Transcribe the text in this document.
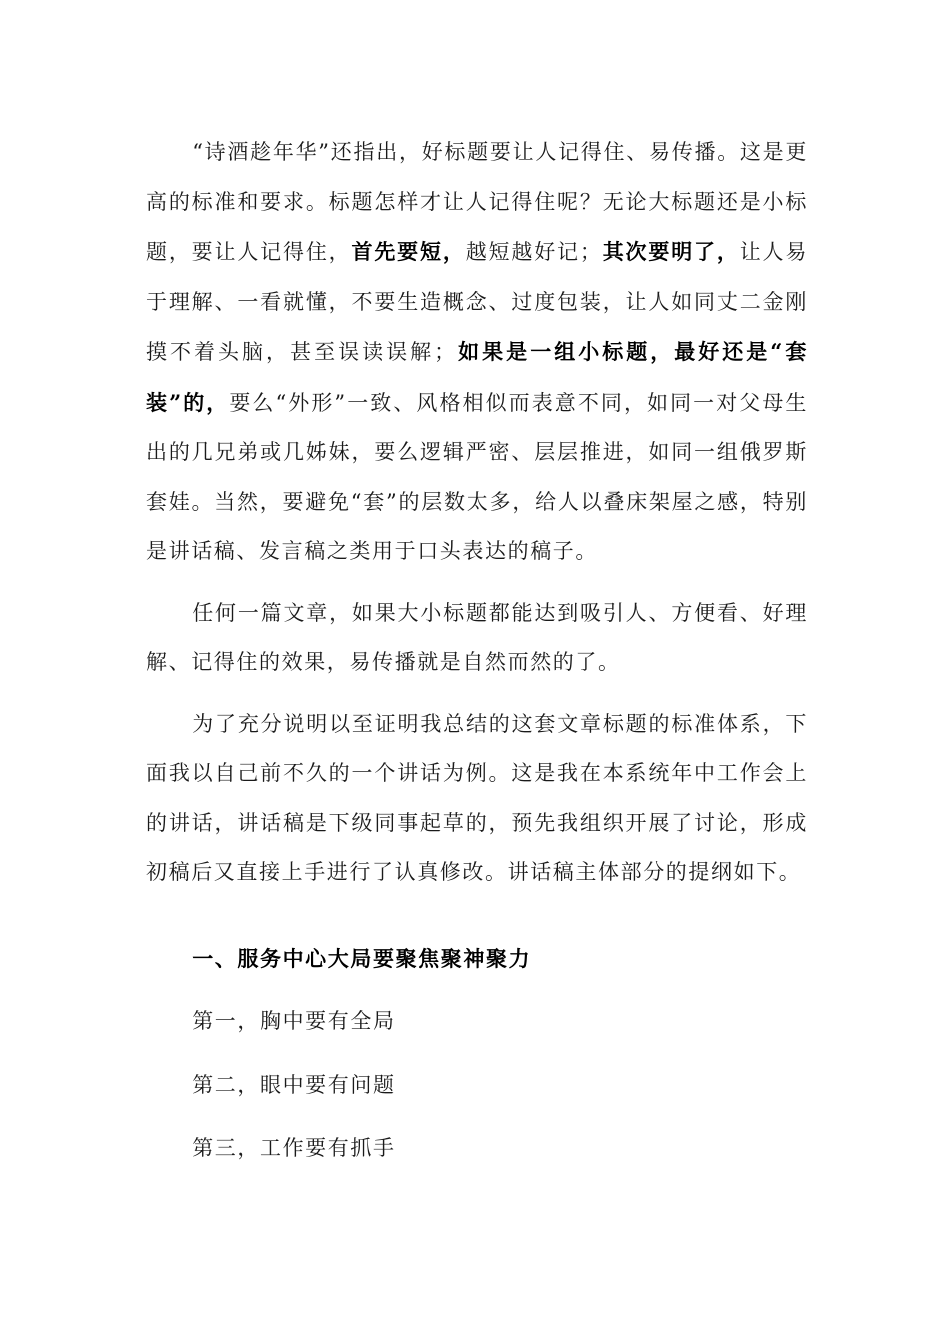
“诗酒趁年华”还指出，好标题要让人记得住、易传播。这是更高的标准和要求。标题怎样才让人记得住呢？无论大标题还是小标题，要让人记得住，首先要短，越短越好记；其次要明了，让人易于理解、一看就懂，不要生造概念、过度包装，让人如同丈二金刚摸不着头脑，甚至误读误解；如果是一组小标题，最好还是“套装”的，要么“外形”一致、风格相似而表意不同，如同一对父母生出的几兄弟或几姊妹，要么逻辑严密、层层推进，如同一组俄罗斯套娃。当然，要避免“套”的层数太多，给人以叠床架屋之感，特别是讲话稿、发言稿之类用于口头表达的稿子。

任何一篇文章，如果大小标题都能达到吸引人、方便看、好理解、记得住的效果，易传播就是自然而然的了。

为了充分说明以至证明我总结的这套文章标题的标准体系，下面我以自己前不久的一个讲话为例。这是我在本系统年中工作会上的讲话，讲话稿是下级同事起草的，预先我组织开展了讨论，形成初稿后又直接上手进行了认真修改。讲话稿主体部分的提纲如下。

一、服务中心大局要聚焦聚神聚力

第一，胸中要有全局

第二，眼中要有问题

第三，工作要有抓手
